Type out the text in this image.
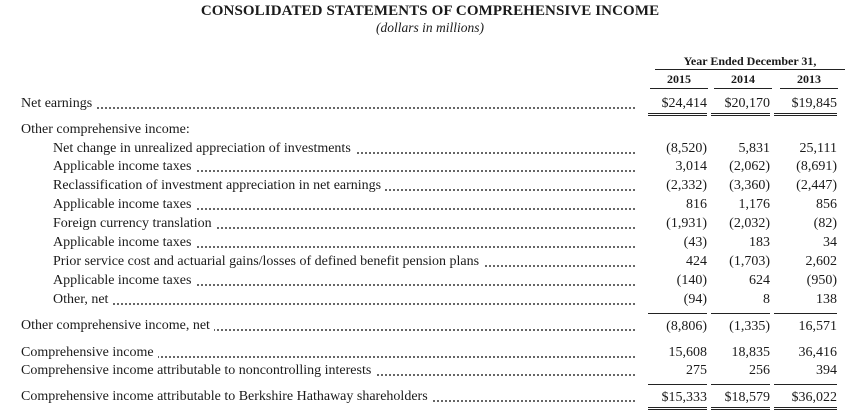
CONSOLIDATED STATEMENTS OF COMPREHENSIVE INCOME
(dollars in millions)
Year Ended December 31,
2015	2014	2013
Net earnings	$24,414	$20,170	$19,845
Other comprehensive income:
Net change in unrealized appreciation of investments	(8,520)	5,831	25,111
Applicable income taxes	3,014	(2,062)	(8,691)
Reclassification of investment appreciation in net earnings	(2,332)	(3,360)	(2,447)
Applicable income taxes	816	1,176	856
Foreign currency translation	(1,931)	(2,032)	(82)
Applicable income taxes	(43)	183	34
Prior service cost and actuarial gains/losses of defined benefit pension plans	424	(1,703)	2,602
Applicable income taxes	(140)	624	(950)
Other, net	(94)	8	138
Other comprehensive income, net	(8,806)	(1,335)	16,571
Comprehensive income	15,608	18,835	36,416
Comprehensive income attributable to noncontrolling interests	275	256	394
Comprehensive income attributable to Berkshire Hathaway shareholders	$15,333	$18,579	$36,022
